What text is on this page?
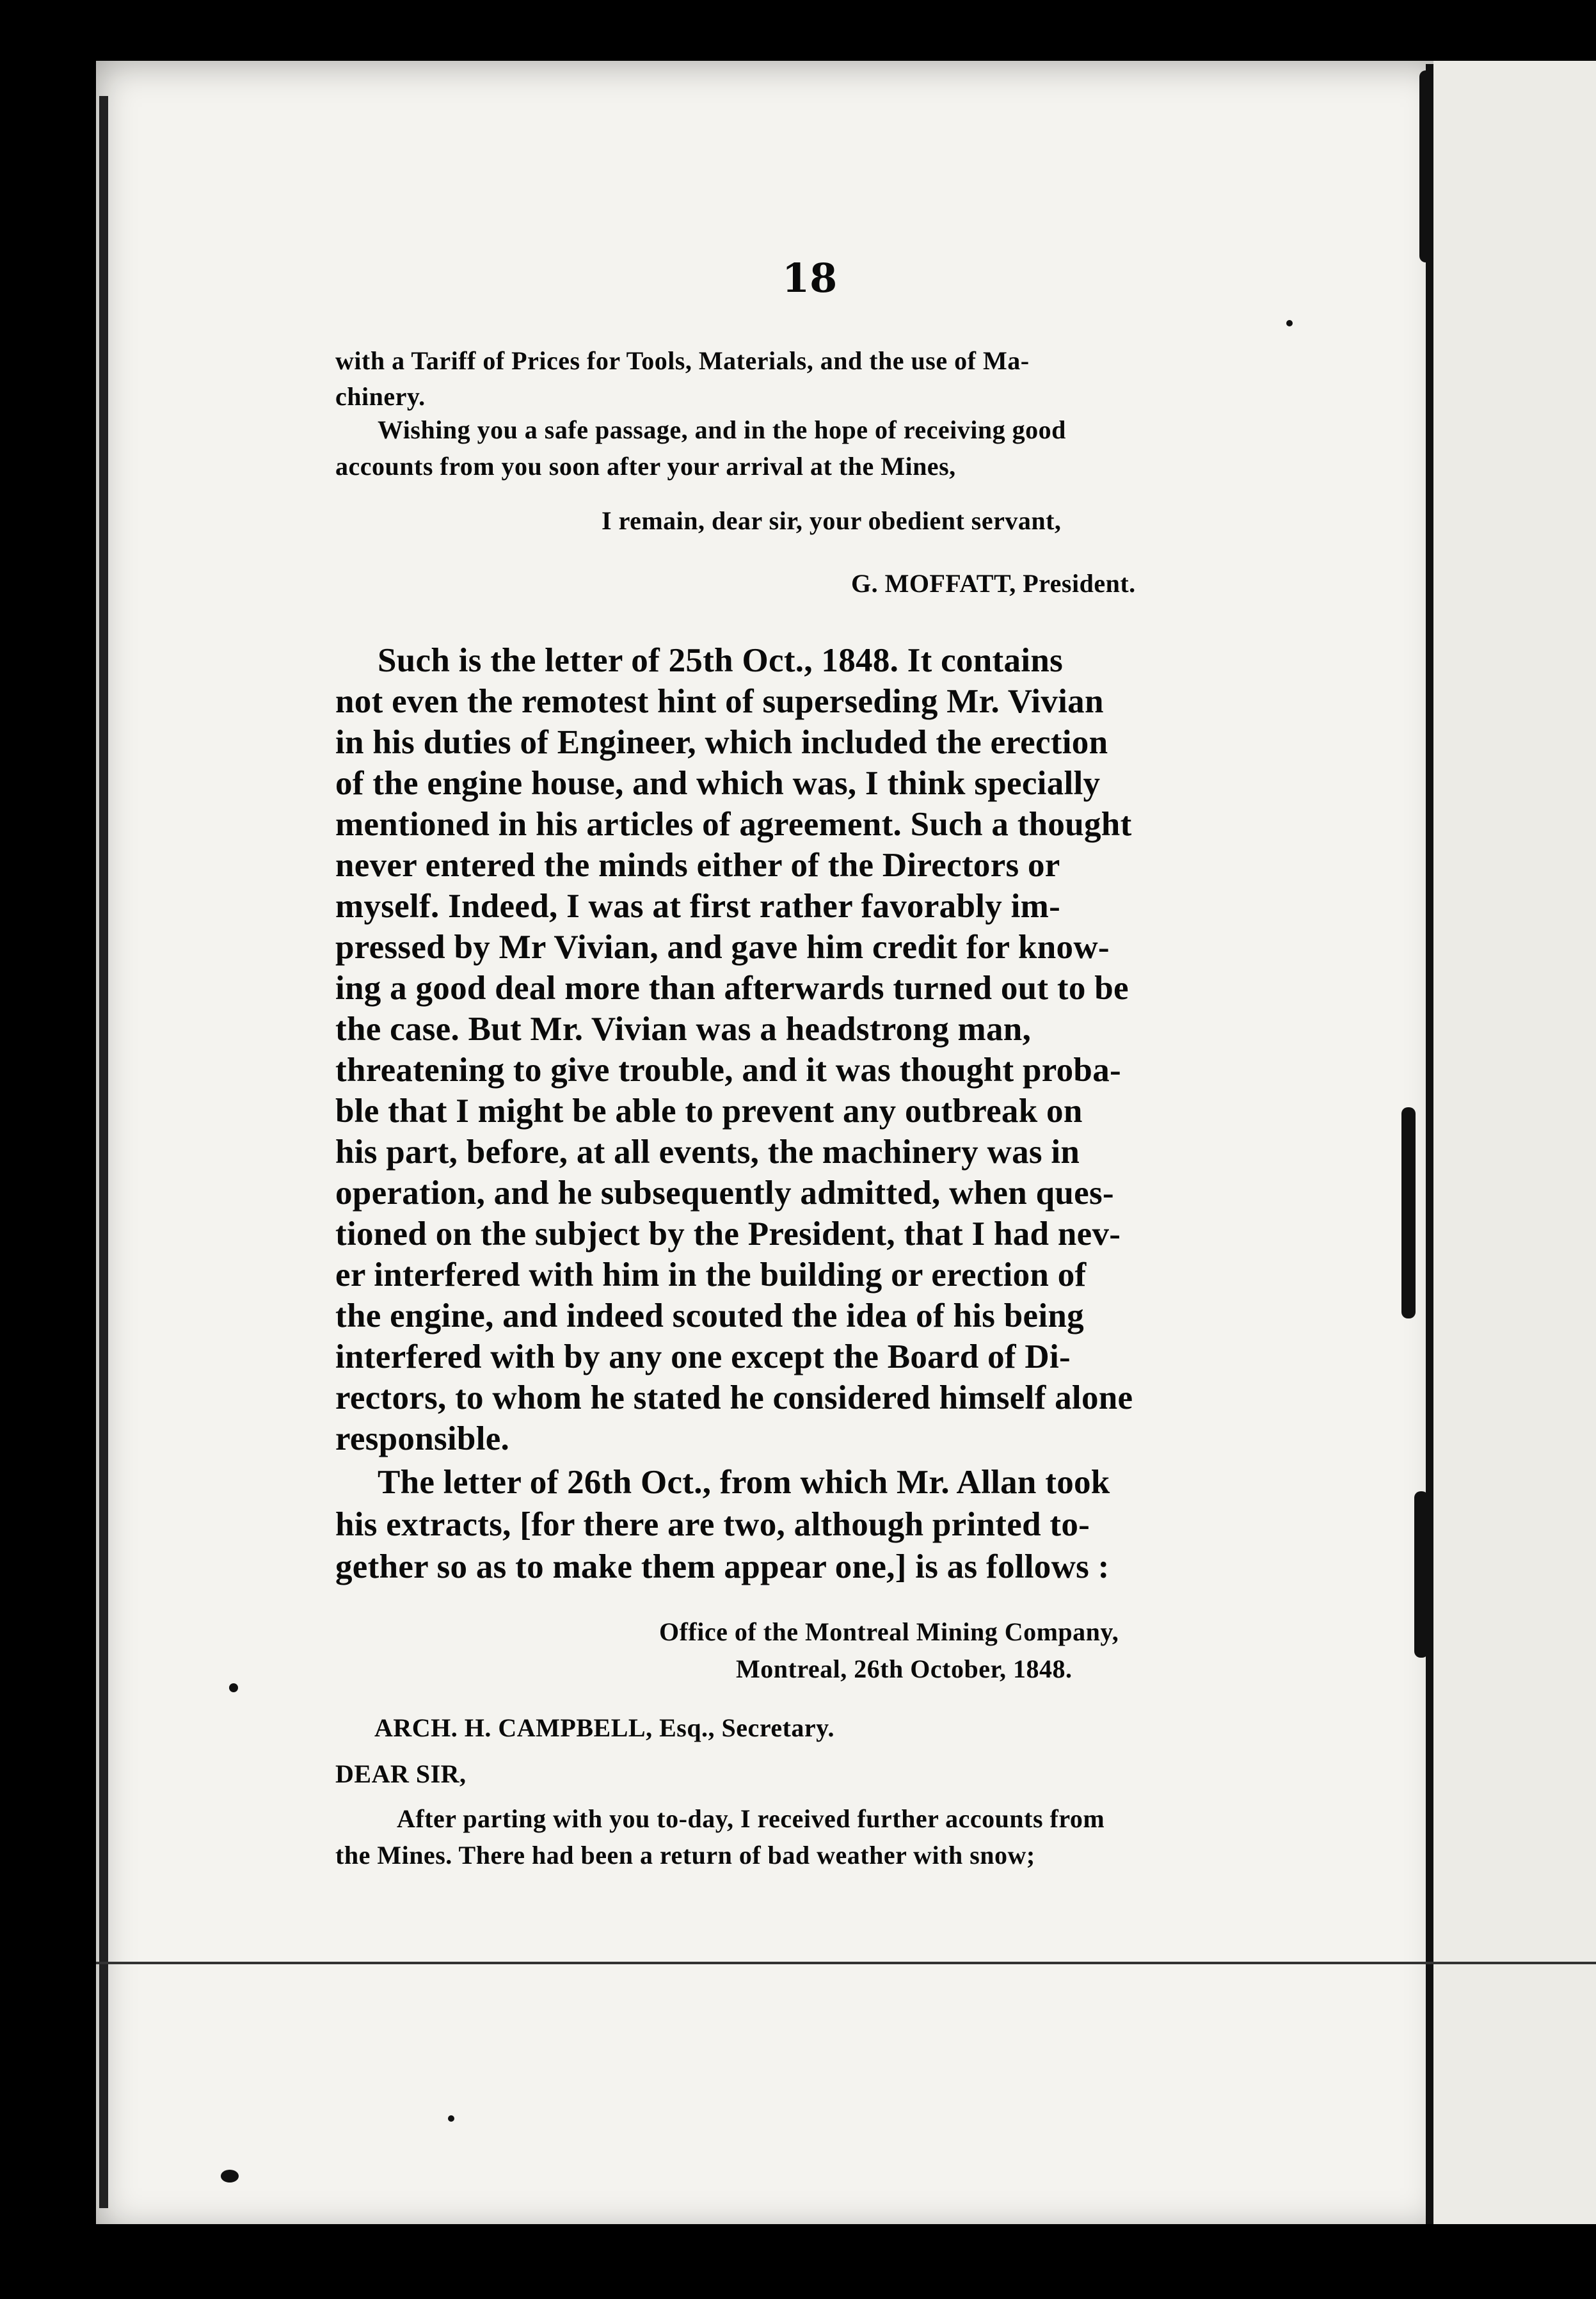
18
with a Tariff of Prices for Tools, Materials, and the use of Ma-
chinery.
Wishing you a safe passage, and in the hope of receiving good
accounts from you soon after your arrival at the Mines,
I remain, dear sir, your obedient servant,
G. MOFFATT, President.
Such is the letter of 25th Oct., 1848. It contains
not even the remotest hint of superseding Mr. Vivian
in his duties of Engineer, which included the erection
of the engine house, and which was, I think specially
mentioned in his articles of agreement. Such a thought
never entered the minds either of the Directors or
myself. Indeed, I was at first rather favorably im-
pressed by Mr Vivian, and gave him credit for know-
ing a good deal more than afterwards turned out to be
the case. But Mr. Vivian was a headstrong man,
threatening to give trouble, and it was thought proba-
ble that I might be able to prevent any outbreak on
his part, before, at all events, the machinery was in
operation, and he subsequently admitted, when ques-
tioned on the subject by the President, that I had nev-
er interfered with him in the building or erection of
the engine, and indeed scouted the idea of his being
interfered with by any one except the Board of Di-
rectors, to whom he stated he considered himself alone
responsible.
The letter of 26th Oct., from which Mr. Allan took
his extracts, [for there are two, although printed to-
gether so as to make them appear one,] is as follows :
Office of the Montreal Mining Company,
Montreal, 26th October, 1848.
ARCH. H. CAMPBELL, Esq., Secretary.
DEAR SIR,
After parting with you to-day, I received further accounts from
the Mines. There had been a return of bad weather with snow;
